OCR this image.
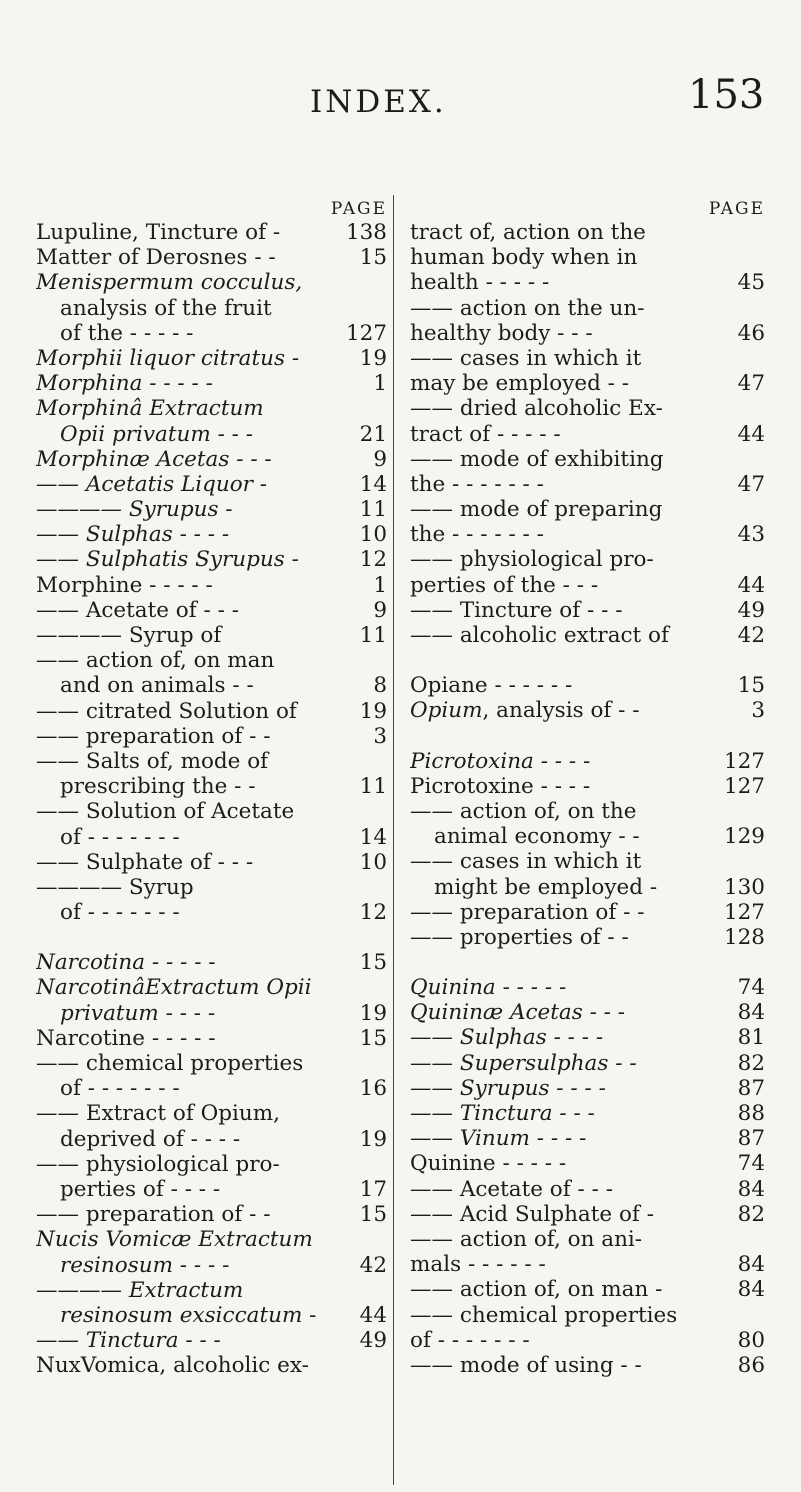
INDEX.	153
PAGE
Lupuline, Tincture of -	138
Matter of Derosnes - -	15
Menispermum cocculus,
analysis of the fruit
of the - - - - -	127
Morphii liquor citratus -	19
Morphina - - - - -	1
Morphinâ Extractum
Opii privatum - - -	21
Morphinæ Acetas - - -	9
—— Acetatis Liquor -	14
———— Syrupus -	11
—— Sulphas - - - -	10
—— Sulphatis Syrupus -	12
Morphine - - - - -	1
—— Acetate of - - -	9
———— Syrup of	11
—— action of, on man
and on animals - -	8
—— citrated Solution of	19
—— preparation of - -	3
—— Salts of, mode of
prescribing the - -	11
—— Solution of Acetate
of - - - - - - -	14
—— Sulphate of - - -	10
———— Syrup
of - - - - - - -	12
Narcotina - - - - -	15
NarcotinâExtractum Opii
privatum - - - -	19
Narcotine - - - - -	15
—— chemical properties
of - - - - - - -	16
—— Extract of Opium,
deprived of - - - -	19
—— physiological pro-
perties of - - - -	17
—— preparation of - -	15
Nucis Vomicæ Extractum
resinosum - - - -	42
———— Extractum
resinosum exsiccatum -	44
—— Tinctura - - -	49
NuxVomica, alcoholic ex-
PAGE
tract of, action on the
human body when in
health - - - - -	45
—— action on the un-
healthy body - - -	46
—— cases in which it
may be employed - -	47
—— dried alcoholic Ex-
tract of - - - - -	44
—— mode of exhibiting
the - - - - - - -	47
—— mode of preparing
the - - - - - - -	43
—— physiological pro-
perties of the - - -	44
—— Tincture of - - -	49
—— alcoholic extract of	42
Opiane - - - - - -	15
Opium, analysis of - -	3
Picrotoxina - - - -	127
Picrotoxine - - - -	127
—— action of, on the
animal economy - -	129
—— cases in which it
might be employed -	130
—— preparation of - -	127
—— properties of - -	128
Quinina - - - - -	74
Quininæ Acetas - - -	84
—— Sulphas - - - -	81
—— Supersulphas - -	82
—— Syrupus - - - -	87
—— Tinctura - - -	88
—— Vinum - - - -	87
Quinine - - - - -	74
—— Acetate of - - -	84
—— Acid Sulphate of -	82
—— action of, on ani-
mals - - - - - -	84
—— action of, on man -	84
—— chemical properties
of - - - - - - -	80
—— mode of using - -	86
